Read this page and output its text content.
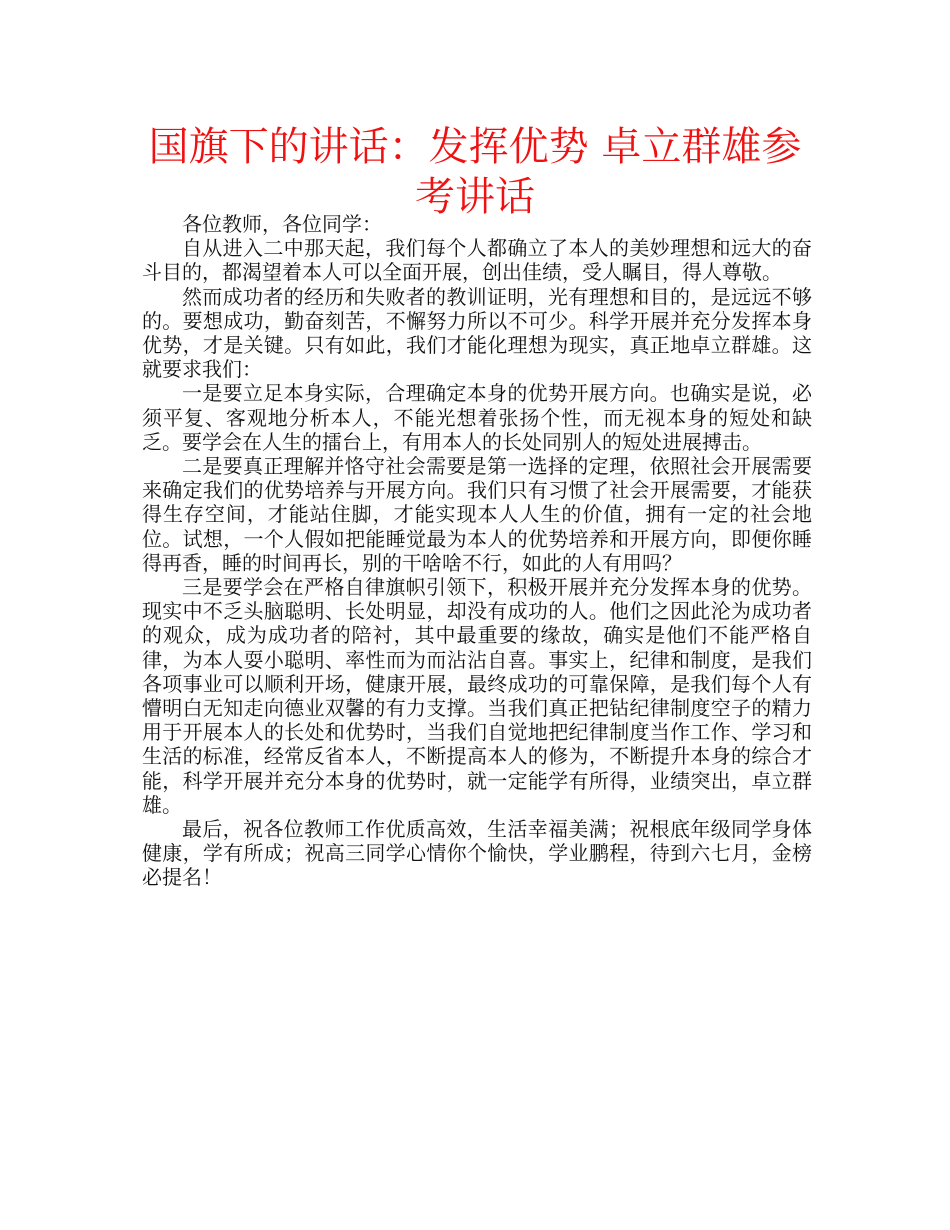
国旗下的讲话：发挥优势 卓立群雄参考讲话

各位教师，各位同学：

自从进入二中那天起，我们每个人都确立了本人的美妙理想和远大的奋斗目的，都渴望着本人可以全面开展，创出佳绩，受人瞩目，得人尊敬。

然而成功者的经历和失败者的教训证明，光有理想和目的，是远远不够的。要想成功，勤奋刻苦，不懈努力所以不可少。科学开展并充分发挥本身优势，才是关键。只有如此，我们才能化理想为现实，真正地卓立群雄。这就要求我们：

一是要立足本身实际，合理确定本身的优势开展方向。也确实是说，必须平复、客观地分析本人，不能光想着张扬个性，而无视本身的短处和缺乏。要学会在人生的擂台上，有用本人的长处同别人的短处进展搏击。

二是要真正理解并恪守社会需要是第一选择的定理，依照社会开展需要来确定我们的优势培养与开展方向。我们只有习惯了社会开展需要，才能获得生存空间，才能站住脚，才能实现本人人生的价值，拥有一定的社会地位。试想，一个人假如把能睡觉最为本人的优势培养和开展方向，即便你睡得再香，睡的时间再长，别的干啥啥不行，如此的人有用吗？

三是要学会在严格自律旗帜引领下，积极开展并充分发挥本身的优势。现实中不乏头脑聪明、长处明显，却没有成功的人。他们之因此沦为成功者的观众，成为成功者的陪衬，其中最重要的缘故，确实是他们不能严格自律，为本人耍小聪明、率性而为而沾沾自喜。事实上，纪律和制度，是我们各项事业可以顺利开场，健康开展，最终成功的可靠保障，是我们每个人有懵明白无知走向德业双馨的有力支撑。当我们真正把钻纪律制度空子的精力用于开展本人的长处和优势时，当我们自觉地把纪律制度当作工作、学习和生活的标准，经常反省本人，不断提高本人的修为，不断提升本身的综合才能，科学开展并充分本身的优势时，就一定能学有所得，业绩突出，卓立群雄。

最后，祝各位教师工作优质高效，生活幸福美满；祝根底年级同学身体健康，学有所成；祝高三同学心情你个愉快，学业鹏程，待到六七月，金榜必提名！
